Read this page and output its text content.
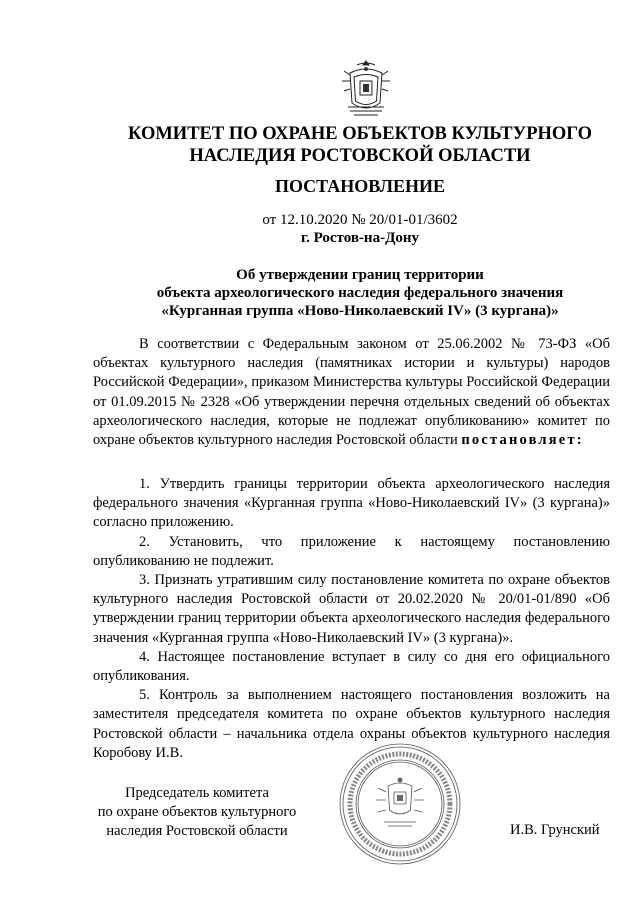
КОМИТЕТ ПО ОХРАНЕ ОБЪЕКТОВ КУЛЬТУРНОГО
НАСЛЕДИЯ РОСТОВСКОЙ ОБЛАСТИ
ПОСТАНОВЛЕНИЕ
от 12.10.2020 № 20/01-01/3602
г. Ростов-на-Дону
Об утверждении границ территории
объекта археологического наследия федерального значения
«Курганная группа «Ново-Николаевский IV» (3 кургана)»

В соответствии с Федеральным законом от 25.06.2002 № 73-ФЗ «Об объектах культурного наследия (памятниках истории и культуры) народов Российской Федерации», приказом Министерства культуры Российской Федерации от 01.09.2015 № 2328 «Об утверждении перечня отдельных сведений об объектах археологического наследия, которые не подлежат опубликованию» комитет по охране объектов культурного наследия Ростовской области постановляет:

1. Утвердить границы территории объекта археологического наследия федерального значения «Курганная группа «Ново-Николаевский IV» (3 кургана)» согласно приложению.

2. Установить, что приложение к настоящему постановлению опубликованию не подлежит.

3. Признать утратившим силу постановление комитета по охране объектов культурного наследия Ростовской области от 20.02.2020 № 20/01-01/890 «Об утверждении границ территории объекта археологического наследия федерального значения «Курганная группа «Ново-Николаевский IV» (3 кургана)».

4. Настоящее постановление вступает в силу со дня его официального опубликования.

5. Контроль за выполнением настоящего постановления возложить на заместителя председателя комитета по охране объектов культурного наследия Ростовской области – начальника отдела охраны объектов культурного наследия Коробову И.В.

Председатель комитета
по охране объектов культурного
наследия Ростовской области	И.В. Грунский
